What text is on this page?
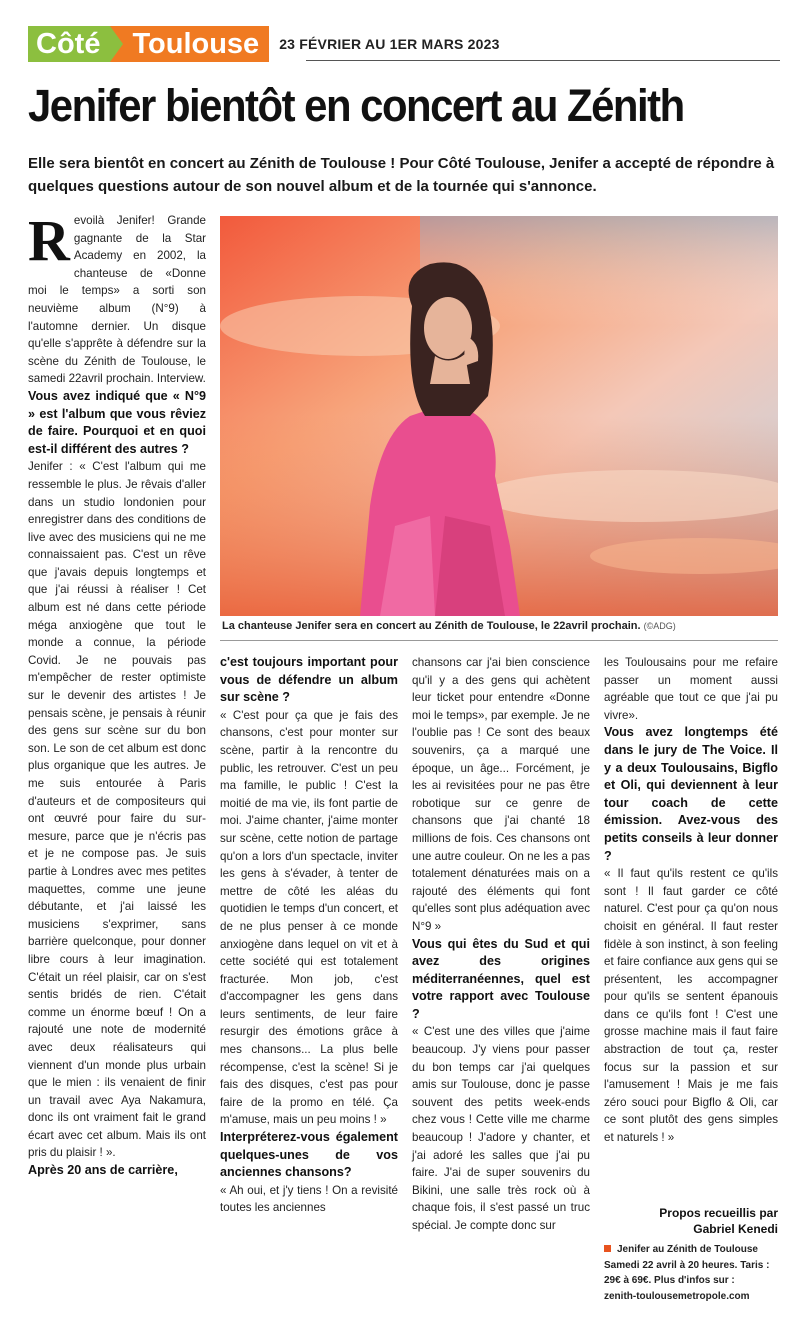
Côté	Toulouse	23 FÉVRIER AU 1ER MARS 2023
Jenifer bientôt en concert au Zénith
Elle sera bientôt en concert au Zénith de Toulouse ! Pour Côté Toulouse, Jenifer a accepté de répondre à quelques questions autour de son nouvel album et de la tournée qui s'annonce.
R evoilà Jenifer! Grande gagnante de la Star Academy en 2002, la chanteuse de «Donne moi le temps» a sorti son neuvième album (N°9) à l'automne dernier. Un disque qu'elle s'apprête à défendre sur la scène du Zénith de Toulouse, le samedi 22avril prochain. Interview.

Vous avez indiqué que « N°9 » est l'album que vous rêviez de faire. Pourquoi et en quoi est-il différent des autres ?

Jenifer : « C'est l'album qui me ressemble le plus. Je rêvais d'aller dans un studio londonien pour enregistrer dans des conditions de live avec des musiciens qui ne me connaissaient pas. C'est un rêve que j'avais depuis longtemps et que j'ai réussi à réaliser ! Cet album est né dans cette période méga anxiogène que tout le monde a connue, la période Covid. Je ne pouvais pas m'empêcher de rester optimiste sur le devenir des artistes ! Je pensais scène, je pensais à réunir des gens sur scène sur du bon son. Le son de cet album est donc plus organique que les autres. Je me suis entourée à Paris d'auteurs et de compositeurs qui ont œuvré pour faire du sur-mesure, parce que je n'écris pas et je ne compose pas. Je suis partie à Londres avec mes petites maquettes, comme une jeune débutante, et j'ai laissé les musiciens s'exprimer, sans barrière quelconque, pour donner libre cours à leur imagination. C'était un réel plaisir, car on s'est sentis bridés de rien. C'était comme un énorme bœuf ! On a rajouté une note de modernité avec deux réalisateurs qui viennent d'un monde plus urbain que le mien : ils venaient de finir un travail avec Aya Nakamura, donc ils ont vraiment fait le grand écart avec cet album. Mais ils ont pris du plaisir ! ».

Après 20 ans de carrière,

La chanteuse Jenifer sera en concert au Zénith de Toulouse, le 22avril prochain. (©ADG)

c'est toujours important pour vous de défendre un album sur scène ?

« C'est pour ça que je fais des chansons, c'est pour monter sur scène, partir à la rencontre du public, les retrouver. C'est un peu ma famille, le public ! C'est la moitié de ma vie, ils font partie de moi. J'aime chanter, j'aime monter sur scène, cette notion de partage qu'on a lors d'un spectacle, inviter les gens à s'évader, à tenter de mettre de côté les aléas du quotidien le temps d'un concert, et de ne plus penser à ce monde anxiogène dans lequel on vit et à cette société qui est totalement fracturée. Mon job, c'est d'accompagner les gens dans leurs sentiments, de leur faire resurgir des émotions grâce à mes chansons... La plus belle récompense, c'est la scène! Si je fais des disques, c'est pas pour faire de la promo en télé. Ça m'amuse, mais un peu moins ! »

Interpréterez-vous également quelques-unes de vos anciennes chansons?

« Ah oui, et j'y tiens ! On a revisité toutes les anciennes

chansons car j'ai bien conscience qu'il y a des gens qui achètent leur ticket pour entendre «Donne moi le temps», par exemple. Je ne l'oublie pas ! Ce sont des beaux souvenirs, ça a marqué une époque, un âge... Forcément, je les ai revisitées pour ne pas être robotique sur ce genre de chansons que j'ai chanté 18 millions de fois. Ces chansons ont une autre couleur. On ne les a pas totalement dénaturées mais on a rajouté des éléments qui font qu'elles sont plus adéquation avec N°9 »

Vous qui êtes du Sud et qui avez des origines méditerranéennes, quel est votre rapport avec Toulouse ?

« C'est une des villes que j'aime beaucoup. J'y viens pour passer du bon temps car j'ai quelques amis sur Toulouse, donc je passe souvent des petits week-ends chez vous ! Cette ville me charme beaucoup ! J'adore y chanter, et j'ai adoré les salles que j'ai pu faire. J'ai de super souvenirs du Bikini, une salle très rock où à chaque fois, il s'est passé un truc spécial. Je compte donc sur

les Toulousains pour me refaire passer un moment aussi agréable que tout ce que j'ai pu vivre».

Vous avez longtemps été dans le jury de The Voice. Il y a deux Toulousains, Bigflo et Oli, qui deviennent à leur tour coach de cette émission. Avez-vous des petits conseils à leur donner ?

« Il faut qu'ils restent ce qu'ils sont ! Il faut garder ce côté naturel. C'est pour ça qu'on nous choisit en général. Il faut rester fidèle à son instinct, à son feeling et faire confiance aux gens qui se présentent, les accompagner pour qu'ils se sentent épanouis dans ce qu'ils font ! C'est une grosse machine mais il faut faire abstraction de tout ça, rester focus sur la passion et sur l'amusement ! Mais je me fais zéro souci pour Bigflo & Oli, car ce sont plutôt des gens simples et naturels ! »

Propos recueillis par
Gabriel Kenedi
Jenifer au Zénith de Toulouse
Samedi 22 avril à 20 heures. Taris : 29€ à 69€. Plus d'infos sur :
zenith-toulousemetropole.com
